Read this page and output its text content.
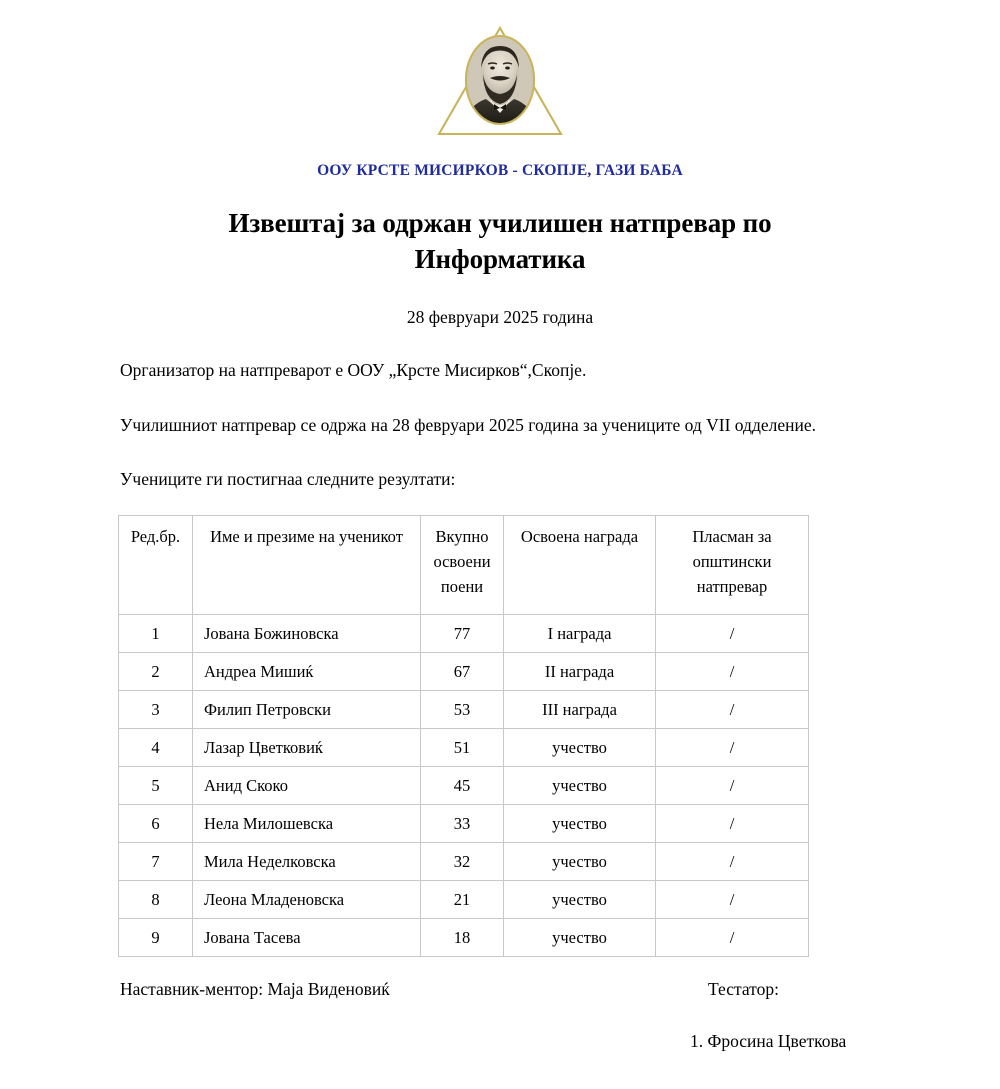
ООУ КРСТЕ МИСИРКОВ - СКОПЈЕ, ГАЗИ БАБА
Извештај за одржан училишен натпревар по Информатика
28 февруари 2025 година

Организатор на натпреварот е ООУ „Крсте Мисирков“,Скопје.

Училишниот натпревар се одржа на 28 февруари 2025 година за учениците од VII одделение.

Учениците ги постигнаа следните резултати:

Ред.бр.	Име и презиме на ученикот	Вкупно освоени поени	Освоена награда	Пласман за општински натпревар
1	Јована Божиновска	77	I награда	/
2	Андреа Мишиќ	67	II награда	/
3	Филип Петровски	53	III награда	/
4	Лазар Цветковиќ	51	учество	/
5	Анид Скоко	45	учество	/
6	Нела Милошевска	33	учество	/
7	Мила Неделковска	32	учество	/
8	Леона Младеновска	21	учество	/
9	Јована Тасева	18	учество	/
Наставник-ментор: Маја Виденовиќ	Тестатор:
1. Фросина Цветкова
